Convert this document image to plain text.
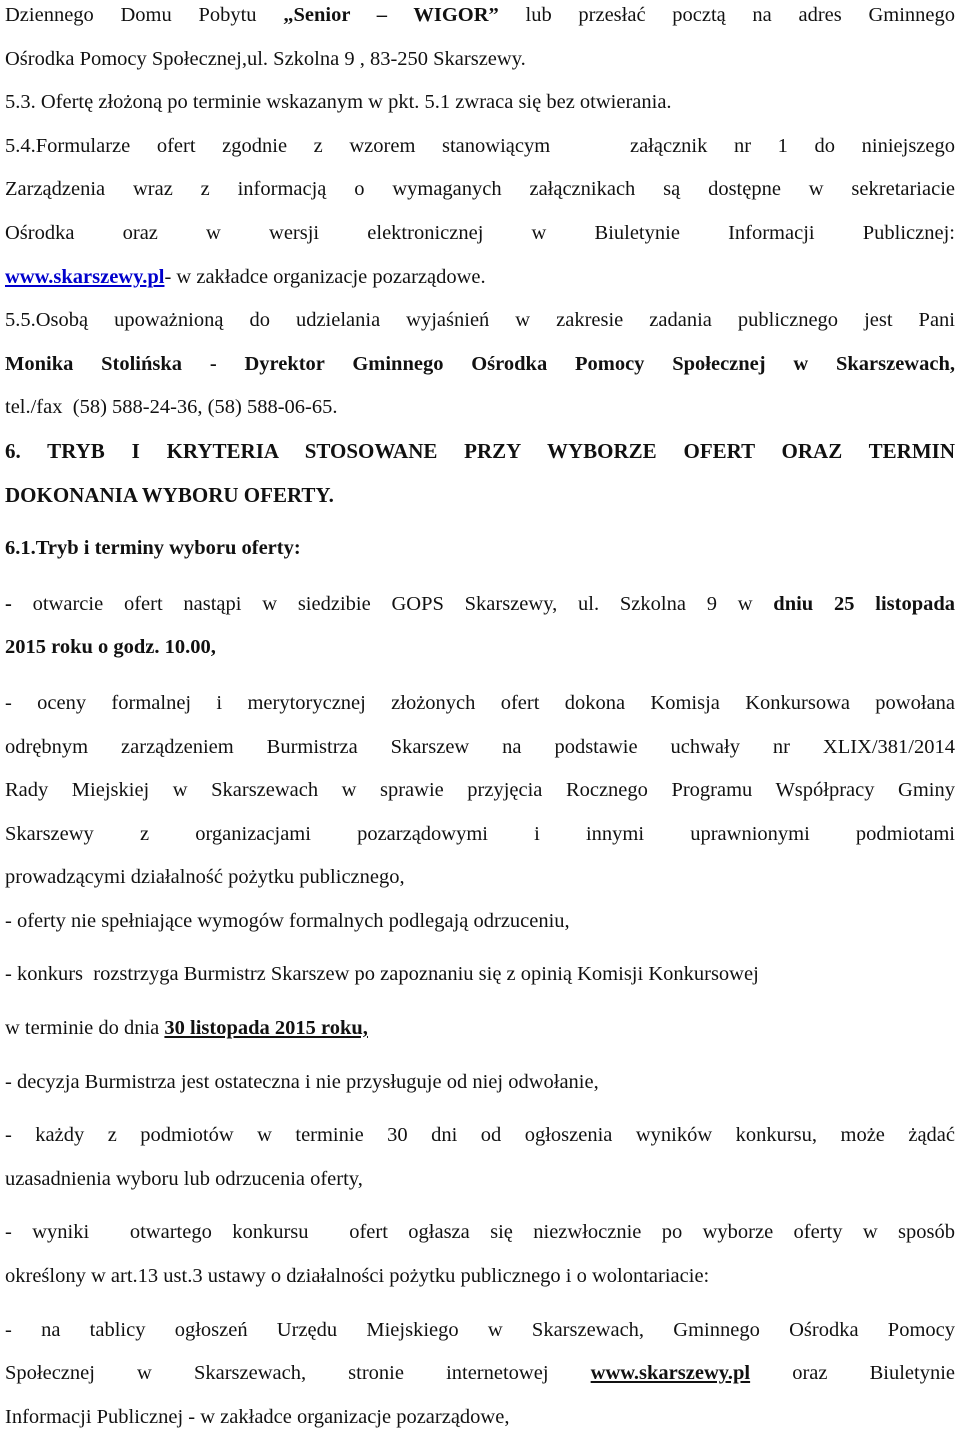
Dziennego Domu Pobytu „Senior – WIGOR” lub przesłać pocztą na adres Gminnego
Ośrodka Pomocy Społecznej,ul. Szkolna 9 , 83-250 Skarszewy.
5.3. Ofertę złożoną po terminie wskazanym w pkt. 5.1 zwraca się bez otwierania.
5.4.Formularze ofert zgodnie z wzorem stanowiącym   załącznik nr 1 do niniejszego
Zarządzenia wraz z informacją o wymaganych załącznikach są dostępne w sekretariacie
Ośrodka oraz w wersji elektronicznej w Biuletynie Informacji Publicznej:
www.skarszewy.pl- w zakładce organizacje pozarządowe.
5.5.Osobą upoważnioną do udzielania wyjaśnień w zakresie zadania publicznego jest Pani
Monika Stolińska - Dyrektor Gminnego Ośrodka Pomocy Społecznej w Skarszewach,
tel./fax  (58) 588-24-36, (58) 588-06-65.
6. TRYB I KRYTERIA STOSOWANE PRZY WYBORZE OFERT ORAZ TERMIN
DOKONANIA WYBORU OFERTY.
6.1.Tryb i terminy wyboru oferty:
- otwarcie ofert nastąpi w siedzibie GOPS Skarszewy, ul. Szkolna 9 w dniu 25 listopada
2015 roku o godz. 10.00,
- oceny formalnej i merytorycznej złożonych ofert dokona Komisja Konkursowa powołana
odrębnym zarządzeniem Burmistrza Skarszew na podstawie uchwały nr XLIX/381/2014
Rady Miejskiej w Skarszewach w sprawie przyjęcia Rocznego Programu Współpracy Gminy
Skarszewy z organizacjami pozarządowymi i innymi uprawnionymi podmiotami
prowadzącymi działalność pożytku publicznego,
- oferty nie spełniające wymogów formalnych podlegają odrzuceniu,
- konkurs  rozstrzyga Burmistrz Skarszew po zapoznaniu się z opinią Komisji Konkursowej
w terminie do dnia 30 listopada 2015 roku,
- decyzja Burmistrza jest ostateczna i nie przysługuje od niej odwołanie,
- każdy z podmiotów w terminie 30 dni od ogłoszenia wyników konkursu, może żądać
uzasadnienia wyboru lub odrzucenia oferty,
- wyniki  otwartego konkursu  ofert ogłasza się niezwłocznie po wyborze oferty w sposób
określony w art.13 ust.3 ustawy o działalności pożytku publicznego i o wolontariacie:
- na tablicy ogłoszeń Urzędu Miejskiego w Skarszewach, Gminnego Ośrodka Pomocy
Społecznej w Skarszewach, stronie internetowej www.skarszewy.pl oraz Biuletynie
Informacji Publicznej - w zakładce organizacje pozarządowe,
